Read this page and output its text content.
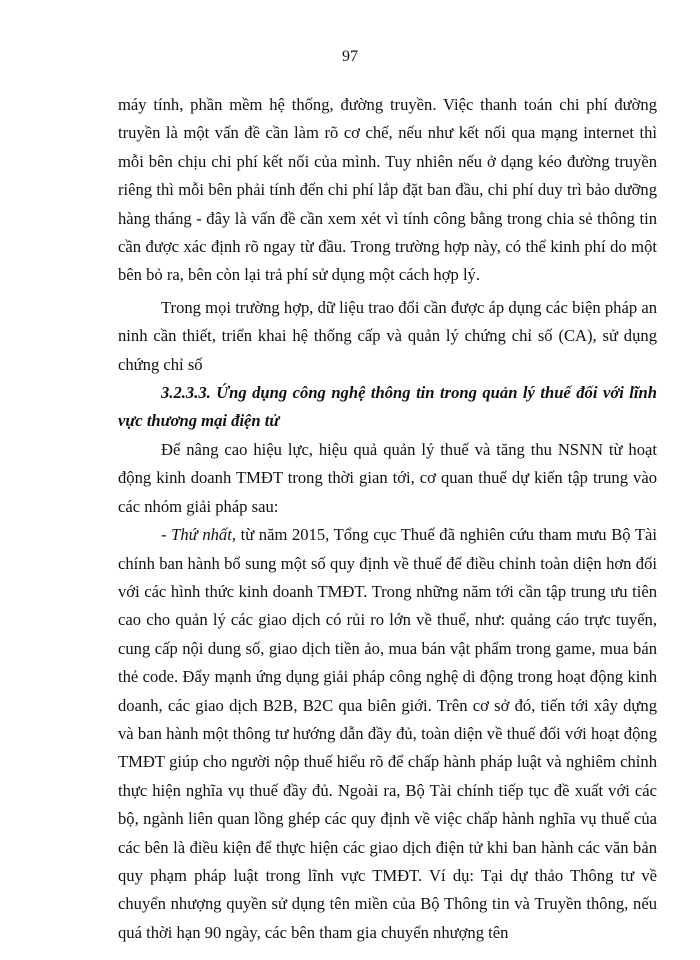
97

máy tính, phần mềm hệ thống, đường truyền. Việc thanh toán chi phí đường truyền là một vấn đề cần làm rõ cơ chế, nếu như kết nối qua mạng internet thì mỗi bên chịu chi phí kết nối của mình. Tuy nhiên nếu ở dạng kéo đường truyền riêng thì mỗi bên phải tính đến chi phí lắp đặt ban đầu, chi phí duy trì bảo dưỡng hàng tháng - đây là vấn đề cần xem xét vì tính công bằng trong chia sẻ thông tin cần được xác định rõ ngay từ đầu. Trong trường hợp này, có thể kinh phí do một bên bỏ ra, bên còn lại trả phí sử dụng một cách hợp lý.

Trong mọi trường hợp, dữ liệu trao đổi cần được áp dụng các biện pháp an ninh cần thiết, triển khai hệ thống cấp và quản lý chứng chỉ số (CA), sử dụng chứng chỉ số

3.2.3.3. Ứng dụng công nghệ thông tin trong quản lý thuế đối với lĩnh vực thương mại điện tử

Để nâng cao hiệu lực, hiệu quả quản lý thuế và tăng thu NSNN từ hoạt động kinh doanh TMĐT trong thời gian tới, cơ quan thuế dự kiến tập trung vào các nhóm giải pháp sau:

- Thứ nhất, từ năm 2015, Tổng cục Thuế đã nghiên cứu tham mưu Bộ Tài chính ban hành bổ sung một số quy định về thuế để điều chỉnh toàn diện hơn đối với các hình thức kinh doanh TMĐT. Trong những năm tới cần tập trung ưu tiên cao cho quản lý các giao dịch có rủi ro lớn về thuế, như: quảng cáo trực tuyến, cung cấp nội dung số, giao dịch tiền ảo, mua bán vật phẩm trong game, mua bán thẻ code. Đẩy mạnh ứng dụng giải pháp công nghệ di động trong hoạt động kinh doanh, các giao dịch B2B, B2C qua biên giới. Trên cơ sở đó, tiến tới xây dựng và ban hành một thông tư hướng dẫn đầy đủ, toàn diện về thuế đối với hoạt động TMĐT giúp cho người nộp thuế hiểu rõ để chấp hành pháp luật và nghiêm chỉnh thực hiện nghĩa vụ thuế đầy đủ. Ngoài ra, Bộ Tài chính tiếp tục đề xuất với các bộ, ngành liên quan lồng ghép các quy định về việc chấp hành nghĩa vụ thuế của các bên là điều kiện để thực hiện các giao dịch điện tử khi ban hành các văn bản quy phạm pháp luật trong lĩnh vực TMĐT. Ví dụ: Tại dự thảo Thông tư về chuyển nhượng quyền sử dụng tên miền của Bộ Thông tin và Truyền thông, nếu quá thời hạn 90 ngày, các bên tham gia chuyển nhượng tên
